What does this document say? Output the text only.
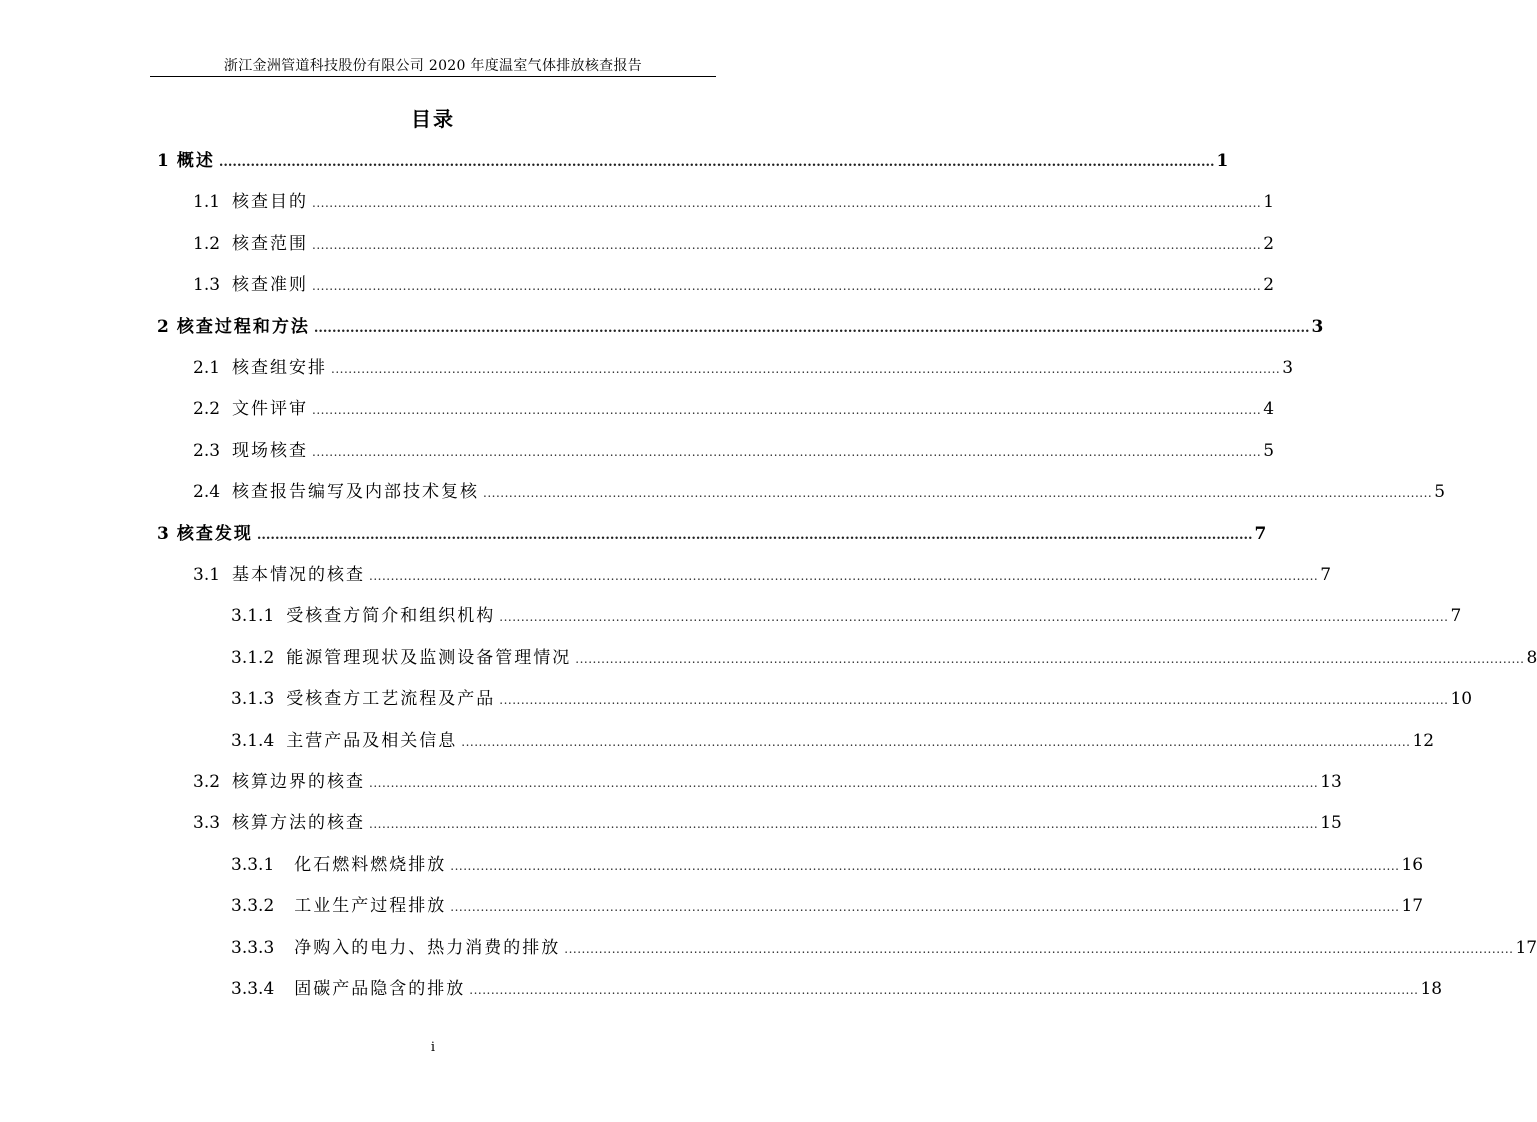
浙江金洲管道科技股份有限公司 2020 年度温室气体排放核查报告
目录
1 概述 ............................................................................................................................................................................................................................ 1
1.1 核查目的 ............................................................................................................................................................................................................................ 1
1.2 核查范围 ............................................................................................................................................................................................................................ 2
1.3 核查准则 ............................................................................................................................................................................................................................ 2
2 核查过程和方法 ............................................................................................................................................................................................................................ 3
2.1 核查组安排 ............................................................................................................................................................................................................................ 3
2.2 文件评审 ............................................................................................................................................................................................................................ 4
2.3 现场核查 ............................................................................................................................................................................................................................ 5
2.4 核查报告编写及内部技术复核 ............................................................................................................................................................................................................................ 5
3 核查发现 ............................................................................................................................................................................................................................ 7
3.1 基本情况的核查 ............................................................................................................................................................................................................................ 7
3.1.1 受核查方简介和组织机构 ............................................................................................................................................................................................................................ 7
3.1.2 能源管理现状及监测设备管理情况 ............................................................................................................................................................................................................................ 8
3.1.3 受核查方工艺流程及产品 ............................................................................................................................................................................................................................ 10
3.1.4 主营产品及相关信息 ............................................................................................................................................................................................................................ 12
3.2 核算边界的核查 ............................................................................................................................................................................................................................ 13
3.3 核算方法的核查 ............................................................................................................................................................................................................................ 15
3.3.1 化石燃料燃烧排放 ............................................................................................................................................................................................................................ 16
3.3.2 工业生产过程排放 ............................................................................................................................................................................................................................ 17
3.3.3 净购入的电力、热力消费的排放 ............................................................................................................................................................................................................................ 17
3.3.4 固碳产品隐含的排放 ............................................................................................................................................................................................................................ 18
i
